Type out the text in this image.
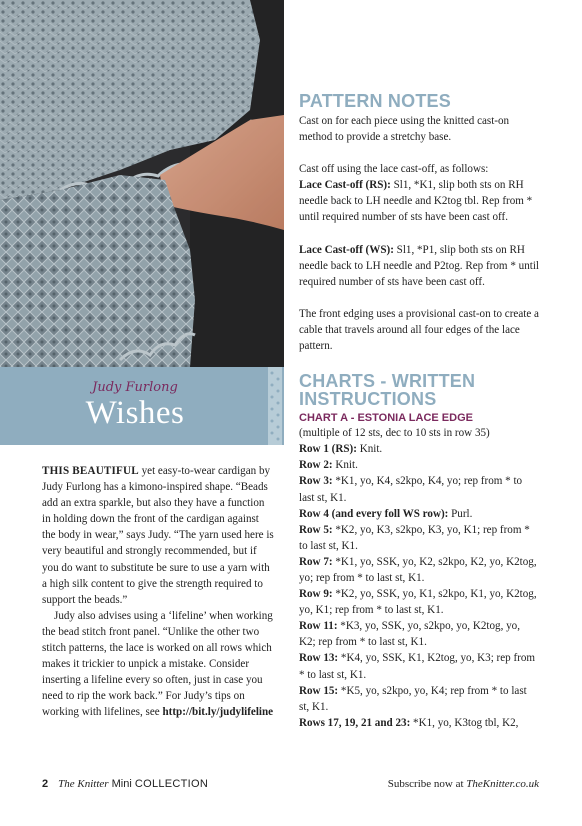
Judy Furlong
Wishes

THIS BEAUTIFUL yet easy-to-wear cardigan by Judy Furlong has a kimono-inspired shape. “Beads add an extra sparkle, but also they have a function in holding down the front of the cardigan against the body in wear,” says Judy. “The yarn used here is very beautiful and strongly recommended, but if you do want to substitute be sure to use a yarn with a high silk content to give the strength required to support the beads.”

Judy also advises using a ‘lifeline’ when working the bead stitch front panel. “Unlike the other two stitch patterns, the lace is worked on all rows which makes it trickier to unpick a mistake. Consider inserting a lifeline every so often, just in case you need to rip the work back.” For Judy’s tips on working with lifelines, see http://bit.ly/judylifeline

PATTERN NOTES

Cast on for each piece using the knitted cast-on method to provide a stretchy base.

Cast off using the lace cast-off, as follows:

Lace Cast-off (RS): Sl1, *K1, slip both sts on RH needle back to LH needle and K2tog tbl. Rep from * until required number of sts have been cast off.

Lace Cast-off (WS): Sl1, *P1, slip both sts on RH needle back to LH needle and P2tog. Rep from * until required number of sts have been cast off.

The front edging uses a provisional cast-on to create a cable that travels around all four edges of the lace pattern.

CHARTS - WRITTEN
INSTRUCTIONS
CHART A - ESTONIA LACE EDGE

(multiple of 12 sts, dec to 10 sts in row 35)

Row 1 (RS): Knit.

Row 2: Knit.

Row 3: *K1, yo, K4, s2kpo, K4, yo; rep from * to last st, K1.

Row 4 (and every foll WS row): Purl.

Row 5: *K2, yo, K3, s2kpo, K3, yo, K1; rep from * to last st, K1.

Row 7: *K1, yo, SSK, yo, K2, s2kpo, K2, yo, K2tog, yo; rep from * to last st, K1.

Row 9: *K2, yo, SSK, yo, K1, s2kpo, K1, yo, K2tog, yo, K1; rep from * to last st, K1.

Row 11: *K3, yo, SSK, yo, s2kpo, yo, K2tog, yo, K2; rep from * to last st, K1.

Row 13: *K4, yo, SSK, K1, K2tog, yo, K3; rep from * to last st, K1.

Row 15: *K5, yo, s2kpo, yo, K4; rep from * to last st, K1.

Rows 17, 19, 21 and 23: *K1, yo, K3tog tbl, K2,

2 The Knitter Mini COLLECTION	Subscribe now at TheKnitter.co.uk
